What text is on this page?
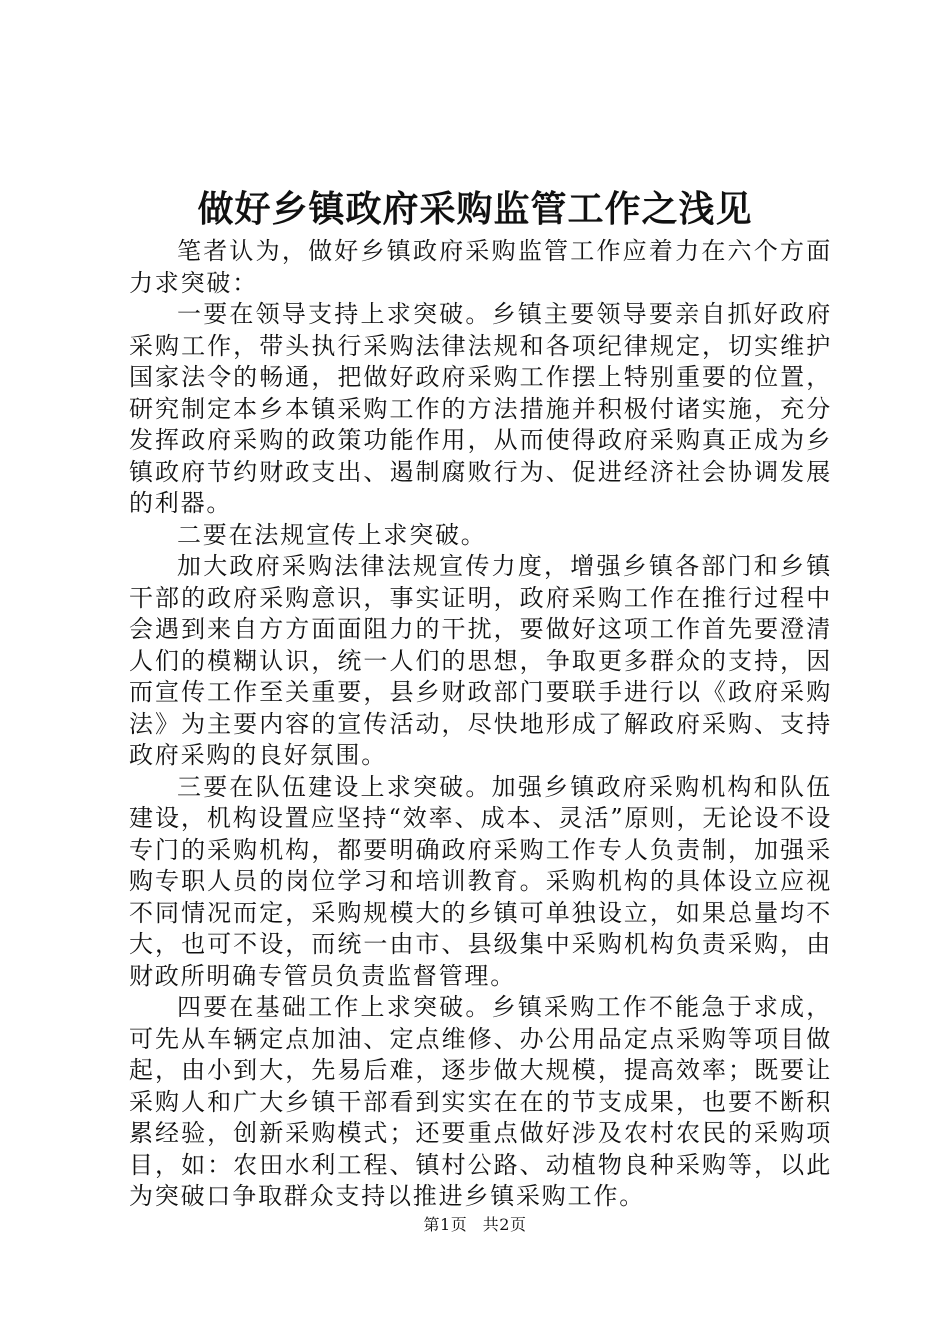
做好乡镇政府采购监管工作之浅见

笔者认为，做好乡镇政府采购监管工作应着力在六个方面力求突破：

一要在领导支持上求突破。乡镇主要领导要亲自抓好政府采购工作，带头执行采购法律法规和各项纪律规定，切实维护国家法令的畅通，把做好政府采购工作摆上特别重要的位置，研究制定本乡本镇采购工作的方法措施并积极付诸实施，充分发挥政府采购的政策功能作用，从而使得政府采购真正成为乡镇政府节约财政支出、遏制腐败行为、促进经济社会协调发展的利器。

二要在法规宣传上求突破。

加大政府采购法律法规宣传力度，增强乡镇各部门和乡镇干部的政府采购意识，事实证明，政府采购工作在推行过程中会遇到来自方方面面阻力的干扰，要做好这项工作首先要澄清人们的模糊认识，统一人们的思想，争取更多群众的支持，因而宣传工作至关重要，县乡财政部门要联手进行以《政府采购法》为主要内容的宣传活动，尽快地形成了解政府采购、支持政府采购的良好氛围。

三要在队伍建设上求突破。加强乡镇政府采购机构和队伍建设，机构设置应坚持“效率、成本、灵活”原则，无论设不设专门的采购机构，都要明确政府采购工作专人负责制，加强采购专职人员的岗位学习和培训教育。采购机构的具体设立应视不同情况而定，采购规模大的乡镇可单独设立，如果总量均不大，也可不设，而统一由市、县级集中采购机构负责采购，由财政所明确专管员负责监督管理。

四要在基础工作上求突破。乡镇采购工作不能急于求成，可先从车辆定点加油、定点维修、办公用品定点采购等项目做起，由小到大，先易后难，逐步做大规模，提高效率；既要让采购人和广大乡镇干部看到实实在在的节支成果，也要不断积累经验，创新采购模式；还要重点做好涉及农村农民的采购项目，如：农田水利工程、镇村公路、动植物良种采购等，以此为突破口争取群众支持以推进乡镇采购工作。

第1页 共2页
